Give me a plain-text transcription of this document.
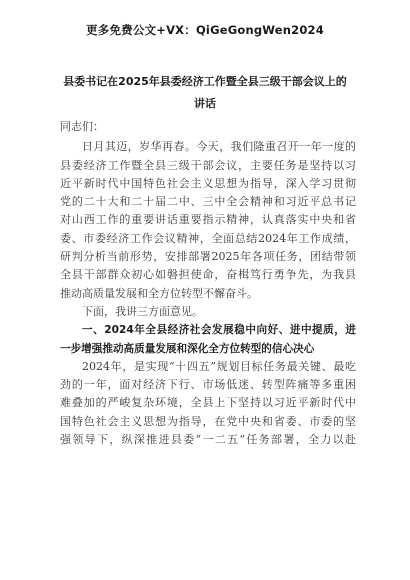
更多免费公文+VX：QiGeGongWen2024
县委书记在2025年县委经济工作暨全县三级干部会议上的
讲话
同志们：
日月其迈，岁华再春。今天，我们隆重召开一年一度的
县委经济工作暨全县三级干部会议，主要任务是坚持以习
近平新时代中国特色社会主义思想为指导，深入学习贯彻
党的二十大和二十届二中、三中全会精神和习近平总书记
对山西工作的重要讲话重要指示精神，认真落实中央和省
委、市委经济工作会议精神，全面总结2024年工作成绩，
研判分析当前形势，安排部署2025年各项任务，团结带领
全县干部群众初心如磐担使命，奋楫笃行勇争先，为我县
推动高质量发展和全方位转型不懈奋斗。
下面，我讲三方面意见。
一、2024年全县经济社会发展稳中向好、进中提质，进
一步增强推动高质量发展和深化全方位转型的信心决心
2024年，是实现“十四五”规划目标任务最关键、最吃
劲的一年，面对经济下行、市场低迷、转型阵痛等多重困
难叠加的严峻复杂环境，全县上下坚持以习近平新时代中
国特色社会主义思想为指导，在党中央和省委、市委的坚
强领导下，纵深推进县委“一二五”任务部署，全力以赴
